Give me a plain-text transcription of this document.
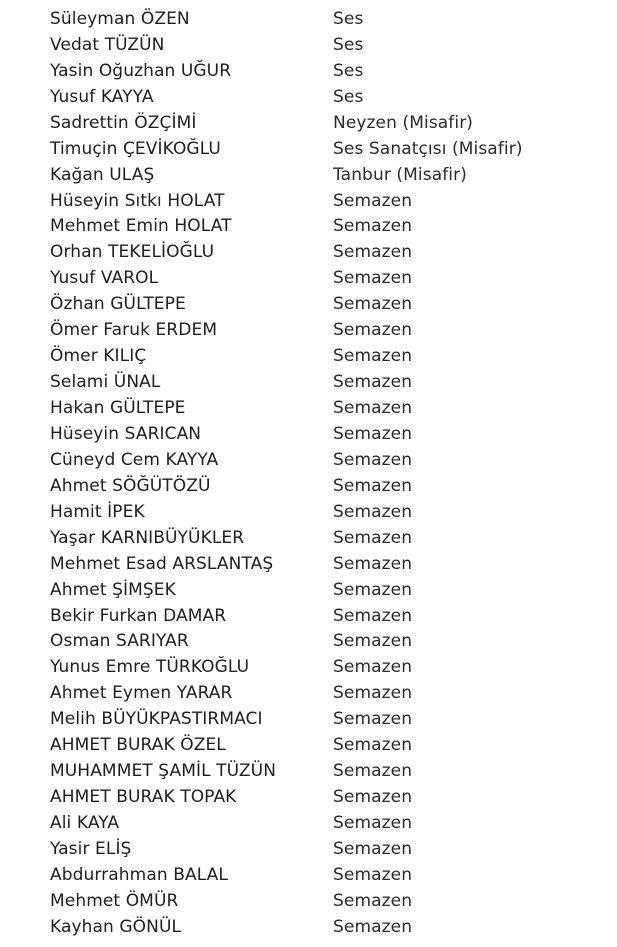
Süleyman ÖZEN	Ses
Vedat TÜZÜN	Ses
Yasin Oğuzhan UĞUR	Ses
Yusuf KAYYA	Ses
Sadrettin ÖZÇİMİ	Neyzen (Misafir)
Timuçin ÇEVİKOĞLU	Ses Sanatçısı (Misafir)
Kağan ULAŞ	Tanbur (Misafir)
Hüseyin Sıtkı HOLAT	Semazen
Mehmet Emin HOLAT	Semazen
Orhan TEKELİOĞLU	Semazen
Yusuf VAROL	Semazen
Özhan GÜLTEPE	Semazen
Ömer Faruk ERDEM	Semazen
Ömer KILIÇ	Semazen
Selami ÜNAL	Semazen
Hakan GÜLTEPE	Semazen
Hüseyin SARICAN	Semazen
Cüneyd Cem KAYYA	Semazen
Ahmet SÖĞÜTÖZÜ	Semazen
Hamit İPEK	Semazen
Yaşar KARNIBÜYÜKLER	Semazen
Mehmet Esad ARSLANTAŞ	Semazen
Ahmet ŞİMŞEK	Semazen
Bekir Furkan DAMAR	Semazen
Osman SARIYAR	Semazen
Yunus Emre TÜRKOĞLU	Semazen
Ahmet Eymen YARAR	Semazen
Melih BÜYÜKPASTIRMACI	Semazen
AHMET BURAK ÖZEL	Semazen
MUHAMMET ŞAMİL TÜZÜN	Semazen
AHMET BURAK TOPAK	Semazen
Ali KAYA	Semazen
Yasir ELİŞ	Semazen
Abdurrahman BALAL	Semazen
Mehmet ÖMÜR	Semazen
Kayhan GÖNÜL	Semazen
